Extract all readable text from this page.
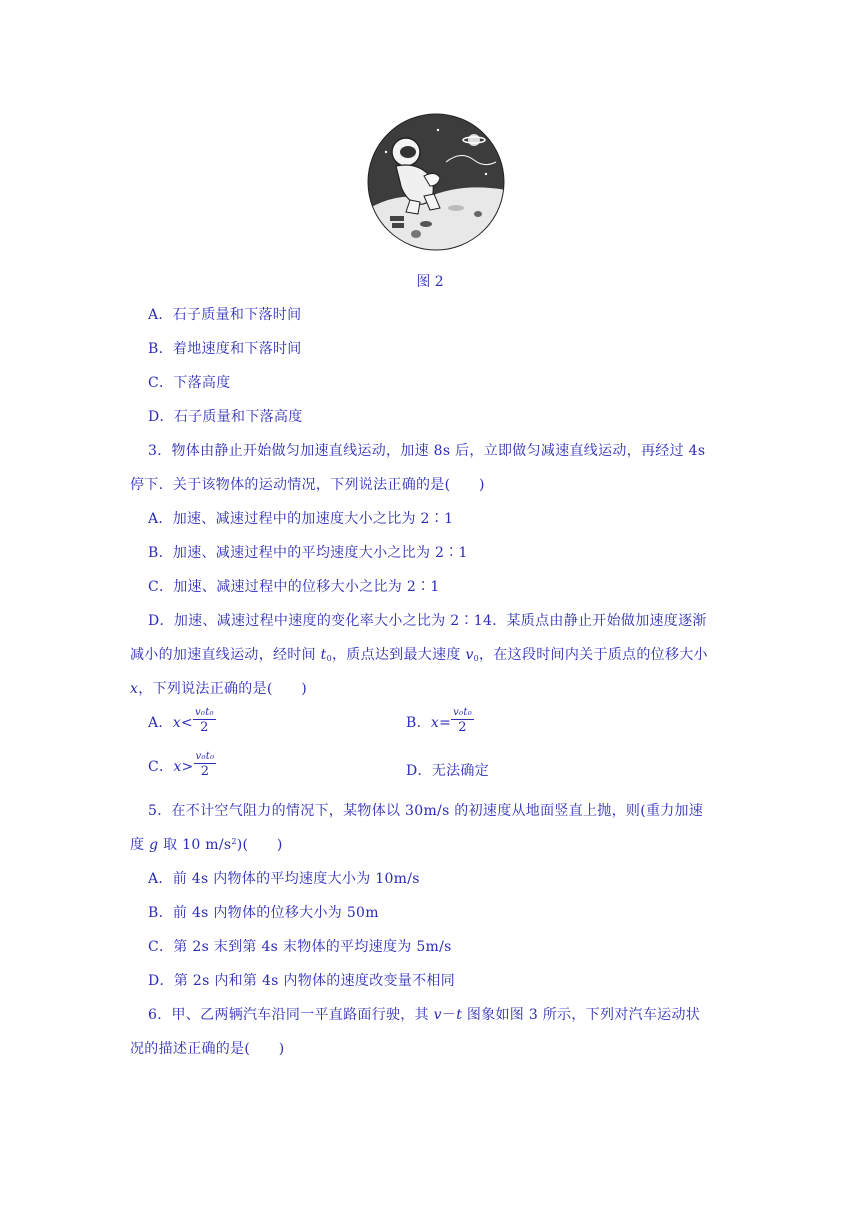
图 2
A．石子质量和下落时间
B．着地速度和下落时间
C．下落高度
D．石子质量和下落高度
3．物体由静止开始做匀加速直线运动，加速 8s 后，立即做匀减速直线运动，再经过 4s
停下．关于该物体的运动情况，下列说法正确的是(　　)
A．加速、减速过程中的加速度大小之比为 2∶1
B．加速、减速过程中的平均速度大小之比为 2∶1
C．加速、减速过程中的位移大小之比为 2∶1
D．加速、减速过程中速度的变化率大小之比为 2∶14．某质点由静止开始做加速度逐渐
减小的加速直线运动，经时间 $t_0$，质点达到最大速度 $v_0$，在这段时间内关于质点的位移大小
x，下列说法正确的是(　　)
A．$x< \frac{\text{v₀t₀}}{2}$	B．$x= \frac{\text{v₀t₀}}{2}$
C．$x> \frac{\text{v₀t₀}}{2}$	D．无法确定
5．在不计空气阻力的情况下，某物体以 30m/s 的初速度从地面竖直上抛，则(重力加速
度 g 取 10 $m/s^2$)(　　)
A．前 4s 内物体的平均速度大小为 10m/s
B．前 4s 内物体的位移大小为 50m
C．第 2s 末到第 4s 末物体的平均速度为 5m/s
D．第 2s 内和第 4s 内物体的速度改变量不相同
6．甲、乙两辆汽车沿同一平直路面行驶，其 v－t 图象如图 3 所示，下列对汽车运动状
况的描述正确的是(　　)
